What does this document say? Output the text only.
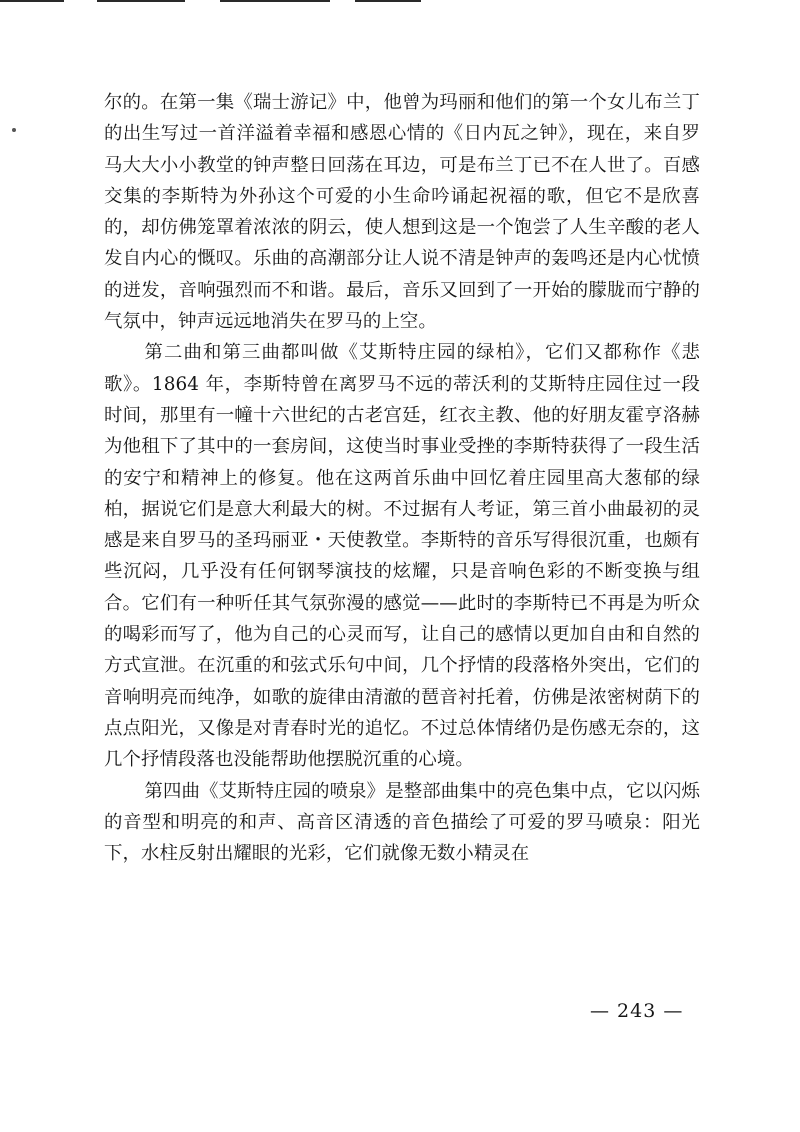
尔的。在第一集《瑞士游记》中，他曾为玛丽和他们的第一个女儿布兰丁的出生写过一首洋溢着幸福和感恩心情的《日内瓦之钟》，现在，来自罗马大大小小教堂的钟声整日回荡在耳边，可是布兰丁已不在人世了。百感交集的李斯特为外孙这个可爱的小生命吟诵起祝福的歌，但它不是欣喜的，却仿佛笼罩着浓浓的阴云，使人想到这是一个饱尝了人生辛酸的老人发自内心的慨叹。乐曲的高潮部分让人说不清是钟声的轰鸣还是内心忧愤的迸发，音响强烈而不和谐。最后，音乐又回到了一开始的朦胧而宁静的气氛中，钟声远远地消失在罗马的上空。

第二曲和第三曲都叫做《艾斯特庄园的绿柏》，它们又都称作《悲歌》。1864 年，李斯特曾在离罗马不远的蒂沃利的艾斯特庄园住过一段时间，那里有一幢十六世纪的古老宫廷，红衣主教、他的好朋友霍亨洛赫为他租下了其中的一套房间，这使当时事业受挫的李斯特获得了一段生活的安宁和精神上的修复。他在这两首乐曲中回忆着庄园里高大葱郁的绿柏，据说它们是意大利最大的树。不过据有人考证，第三首小曲最初的灵感是来自罗马的圣玛丽亚・天使教堂。李斯特的音乐写得很沉重，也颇有些沉闷，几乎没有任何钢琴演技的炫耀，只是音响色彩的不断变换与组合。它们有一种听任其气氛弥漫的感觉——此时的李斯特已不再是为听众的喝彩而写了，他为自己的心灵而写，让自己的感情以更加自由和自然的方式宣泄。在沉重的和弦式乐句中间，几个抒情的段落格外突出，它们的音响明亮而纯净，如歌的旋律由清澈的琶音衬托着，仿佛是浓密树荫下的点点阳光，又像是对青春时光的追忆。不过总体情绪仍是伤感无奈的，这几个抒情段落也没能帮助他摆脱沉重的心境。

第四曲《艾斯特庄园的喷泉》是整部曲集中的亮色集中点，它以闪烁的音型和明亮的和声、高音区清透的音色描绘了可爱的罗马喷泉：阳光下，水柱反射出耀眼的光彩，它们就像无数小精灵在

— 243 —
